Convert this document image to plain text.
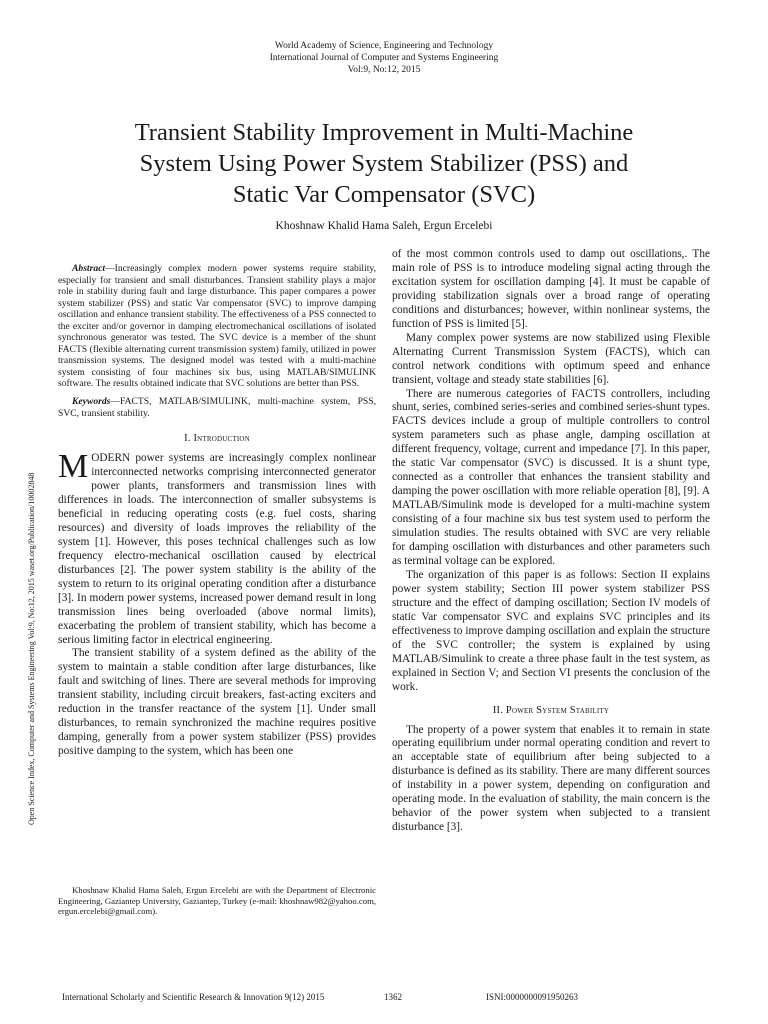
World Academy of Science, Engineering and Technology
International Journal of Computer and Systems Engineering
Vol:9, No:12, 2015
Transient Stability Improvement in Multi-Machine
System Using Power System Stabilizer (PSS) and
Static Var Compensator (SVC)
Khoshnaw Khalid Hama Saleh, Ergun Ercelebi
Open Science Index, Computer and Systems Engineering Vol:9, No:12, 2015 waset.org/Publication/10002848

Abstract—Increasingly complex modern power systems require stability, especially for transient and small disturbances. Transient stability plays a major role in stability during fault and large disturbance. This paper compares a power system stabilizer (PSS) and static Var compensator (SVC) to improve damping oscillation and enhance transient stability. The effectiveness of a PSS connected to the exciter and/or governor in damping electromechanical oscillations of isolated synchronous generator was tested. The SVC device is a member of the shunt FACTS (flexible alternating current transmission system) family, utilized in power transmission systems. The designed model was tested with a multi-machine system consisting of four machines six bus, using MATLAB/SIMULINK software. The results obtained indicate that SVC solutions are better than PSS.

Keywords—FACTS, MATLAB/SIMULINK, multi-machine system, PSS, SVC, transient stability.

I. Introduction

MODERN power systems are increasingly complex nonlinear interconnected networks comprising interconnected generator power plants, transformers and transmission lines with differences in loads. The interconnection of smaller subsystems is beneficial in reducing operating costs (e.g. fuel costs, sharing resources) and diversity of loads improves the reliability of the system [1]. However, this poses technical challenges such as low frequency electro-mechanical oscillation caused by electrical disturbances [2]. The power system stability is the ability of the system to return to its original operating condition after a disturbance [3]. In modern power systems, increased power demand result in long transmission lines being overloaded (above normal limits), exacerbating the problem of transient stability, which has become a serious limiting factor in electrical engineering.

The transient stability of a system defined as the ability of the system to maintain a stable condition after large disturbances, like fault and switching of lines. There are several methods for improving transient stability, including circuit breakers, fast-acting exciters and reduction in the transfer reactance of the system [1]. Under small disturbances, to remain synchronized the machine requires positive damping, generally from a power system stabilizer (PSS) provides positive damping to the system, which has been one

of the most common controls used to damp out oscillations,. The main role of PSS is to introduce modeling signal acting through the excitation system for oscillation damping [4]. It must be capable of providing stabilization signals over a broad range of operating conditions and disturbances; however, within nonlinear systems, the function of PSS is limited [5].

Many complex power systems are now stabilized using Flexible Alternating Current Transmission System (FACTS), which can control network conditions with optimum speed and enhance transient, voltage and steady state stabilities [6].

There are numerous categories of FACTS controllers, including shunt, series, combined series-series and combined series-shunt types. FACTS devices include a group of multiple controllers to control system parameters such as phase angle, damping oscillation at different frequency, voltage, current and impedance [7]. In this paper, the static Var compensator (SVC) is discussed. It is a shunt type, connected as a controller that enhances the transient stability and damping the power oscillation with more reliable operation [8], [9]. A MATLAB/Simulink mode is developed for a multi-machine system consisting of a four machine six bus test system used to perform the simulation studies. The results obtained with SVC are very reliable for damping oscillation with disturbances and other parameters such as terminal voltage can be explored.

The organization of this paper is as follows: Section II explains power system stability; Section III power system stabilizer PSS structure and the effect of damping oscillation; Section IV models of static Var compensator SVC and explains SVC principles and its effectiveness to improve damping oscillation and explain the structure of the SVC controller; the system is explained by using MATLAB/Simulink to create a three phase fault in the test system, as explained in Section V; and Section VI presents the conclusion of the work.

II. Power System Stability

The property of a power system that enables it to remain in state operating equilibrium under normal operating condition and revert to an acceptable state of equilibrium after being subjected to a disturbance is defined as its stability. There are many different sources of instability in a power system, depending on configuration and operating mode. In the evaluation of stability, the main concern is the behavior of the power system when subjected to a transient disturbance [3].

Khoshnaw Khalid Hama Saleh, Ergun Ercelebi are with the Department of Electronic Engineering, Gaziantep University, Gaziantep, Turkey (e-mail: khoshnaw982@yahoo.com, ergun.ercelebi@gmail.com).

International Scholarly and Scientific Research & Innovation 9(12) 2015	1362	ISNI:0000000091950263
